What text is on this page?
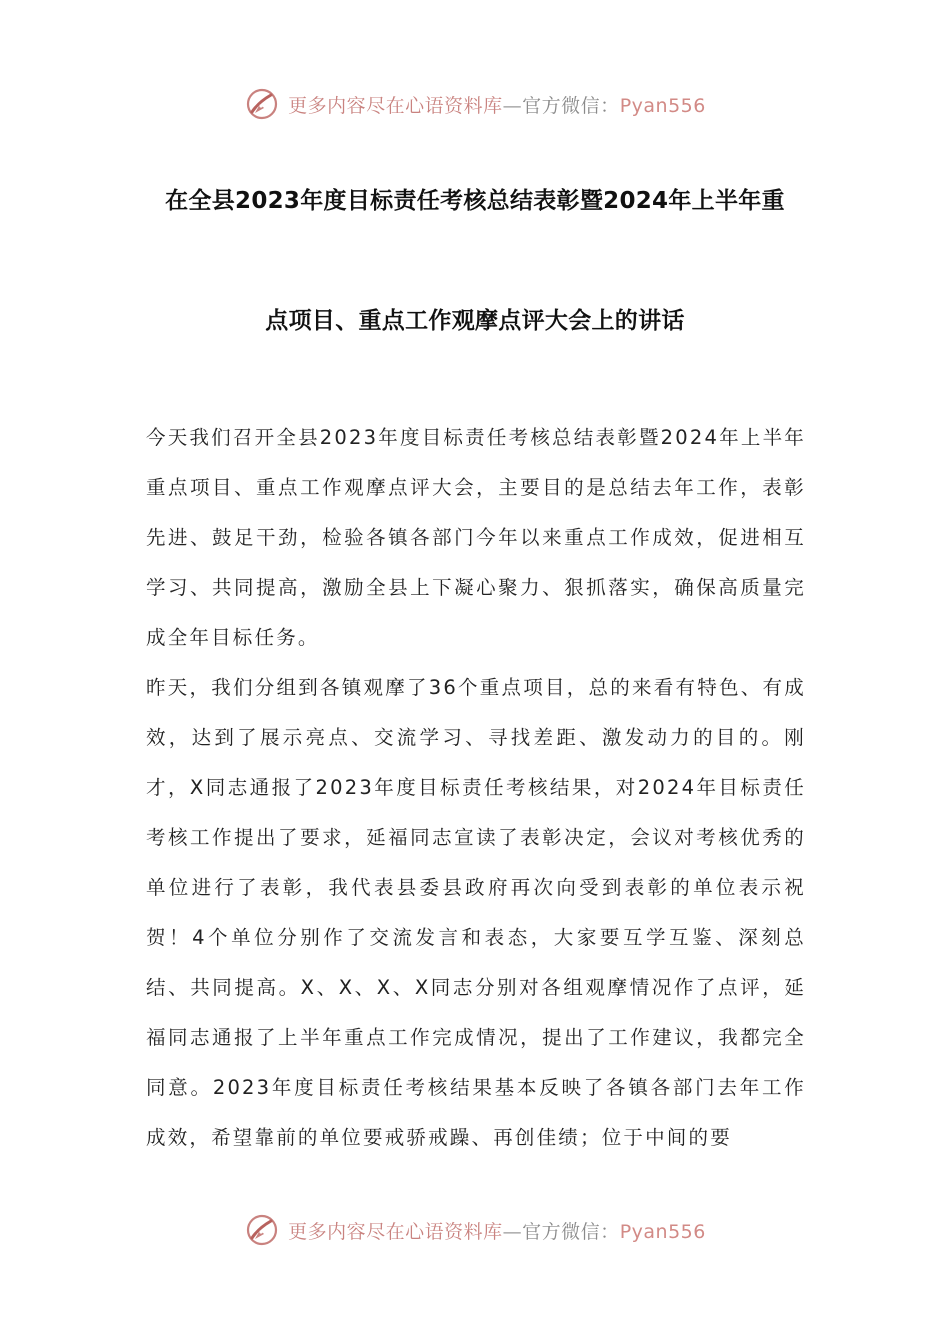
更多内容尽在心语资料库—官方微信：Pyan556
在全县2023年度目标责任考核总结表彰暨2024年上半年重
点项目、重点工作观摩点评大会上的讲话

今天我们召开全县2023年度目标责任考核总结表彰暨2024年上半年重点项目、重点工作观摩点评大会，主要目的是总结去年工作，表彰先进、鼓足干劲，检验各镇各部门今年以来重点工作成效，促进相互学习、共同提高，激励全县上下凝心聚力、狠抓落实，确保高质量完成全年目标任务。

昨天，我们分组到各镇观摩了36个重点项目，总的来看有特色、有成效，达到了展示亮点、交流学习、寻找差距、激发动力的目的。刚才，X同志通报了2023年度目标责任考核结果，对2024年目标责任考核工作提出了要求，延福同志宣读了表彰决定，会议对考核优秀的单位进行了表彰，我代表县委县政府再次向受到表彰的单位表示祝贺！4个单位分别作了交流发言和表态，大家要互学互鉴、深刻总结、共同提高。X、X、X、X同志分别对各组观摩情况作了点评，延福同志通报了上半年重点工作完成情况，提出了工作建议，我都完全同意。2023年度目标责任考核结果基本反映了各镇各部门去年工作成效，希望靠前的单位要戒骄戒躁、再创佳绩；位于中间的要

更多内容尽在心语资料库—官方微信：Pyan556
